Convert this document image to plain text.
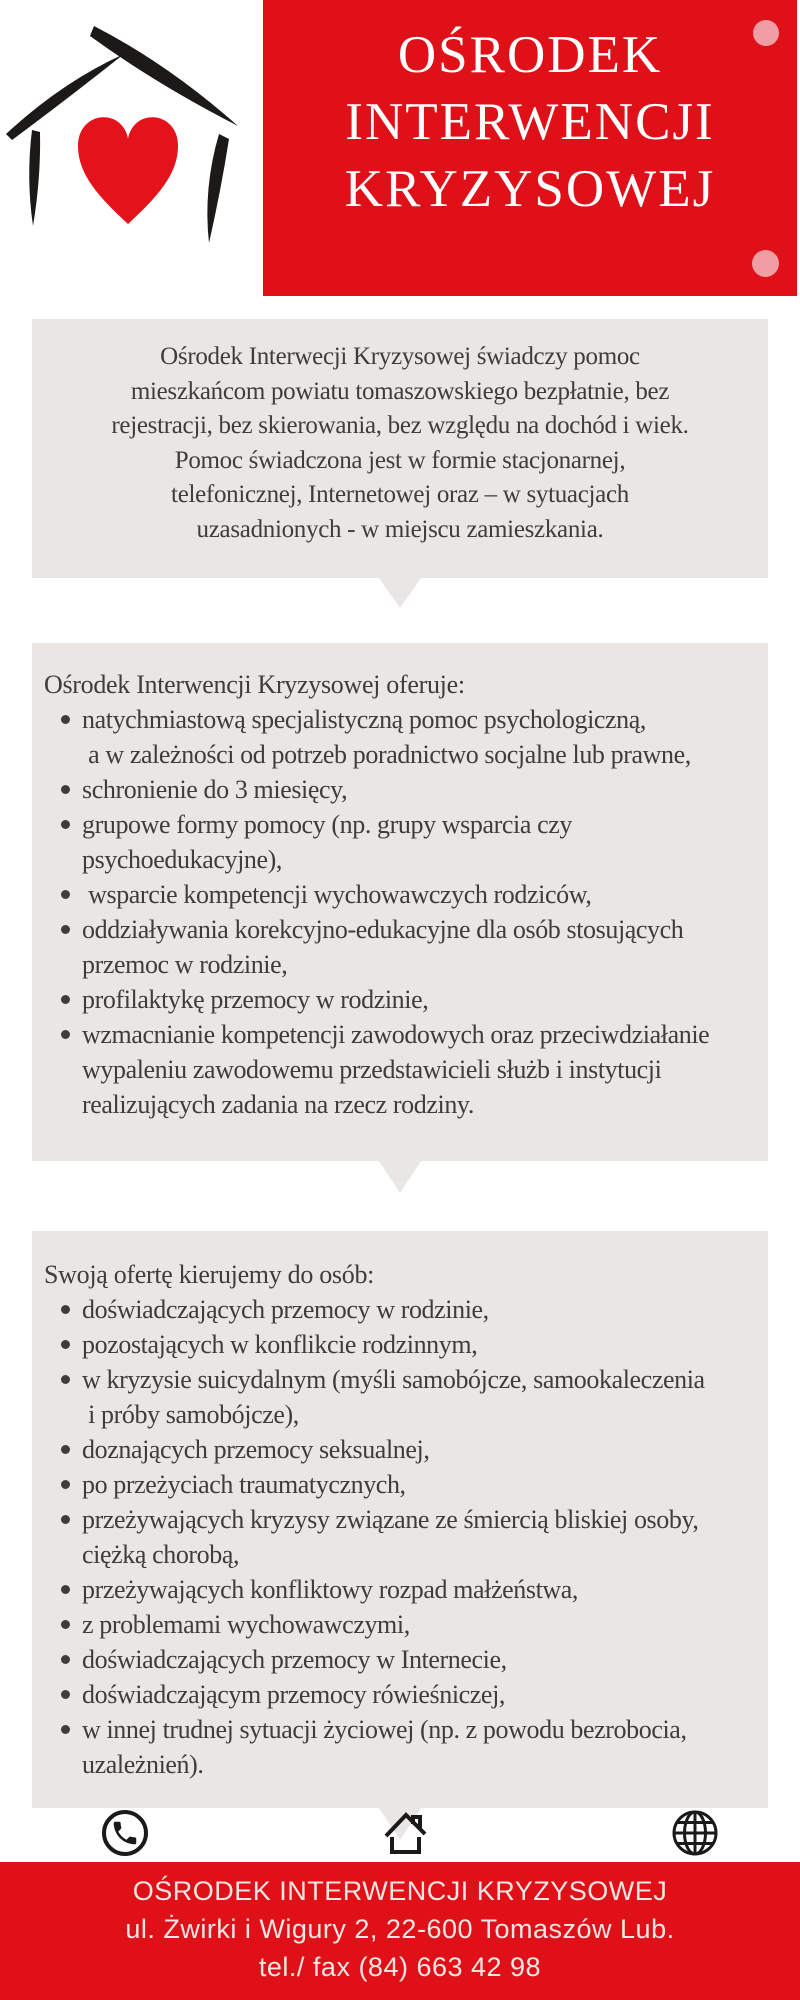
OŚRODEK
INTERWENCJI
KRYZYSOWEJ
Ośrodek Interwecji Kryzysowej świadczy pomoc
mieszkańcom powiatu tomaszowskiego bezpłatnie, bez
rejestracji, bez skierowania, bez względu na dochód i wiek.
Pomoc świadczona jest w formie stacjonarnej,
telefonicznej, Internetowej oraz – w sytuacjach
uzasadnionych - w miejscu zamieszkania.
Ośrodek Interwencji Kryzysowej oferuje:
natychmiastową specjalistyczną pomoc psychologiczną,
a w zależności od potrzeb poradnictwo socjalne lub prawne,
schronienie do 3 miesięcy,
grupowe formy pomocy (np. grupy wsparcia czy
psychoedukacyjne),
wsparcie kompetencji wychowawczych rodziców,
oddziaływania korekcyjno-edukacyjne dla osób stosujących
przemoc w rodzinie,
profilaktykę przemocy w rodzinie,
wzmacnianie kompetencji zawodowych oraz przeciwdziałanie
wypaleniu zawodowemu przedstawicieli służb i instytucji
realizujących zadania na rzecz rodziny.
Swoją ofertę kierujemy do osób:
doświadczających przemocy w rodzinie,
pozostających w konflikcie rodzinnym,
w kryzysie suicydalnym (myśli samobójcze, samookaleczenia
i próby samobójcze),
doznających przemocy seksualnej,
po przeżyciach traumatycznych,
przeżywających kryzysy związane ze śmiercią bliskiej osoby,
ciężką chorobą,
przeżywających konfliktowy rozpad małżeństwa,
z problemami wychowawczymi,
doświadczających przemocy w Internecie,
doświadczającym przemocy rówieśniczej,
w innej trudnej sytuacji życiowej (np. z powodu bezrobocia,
uzależnień).
OŚRODEK INTERWENCJI KRYZYSOWEJ
ul. Żwirki i Wigury 2, 22-600 Tomaszów Lub.
tel./ fax (84) 663 42 98
